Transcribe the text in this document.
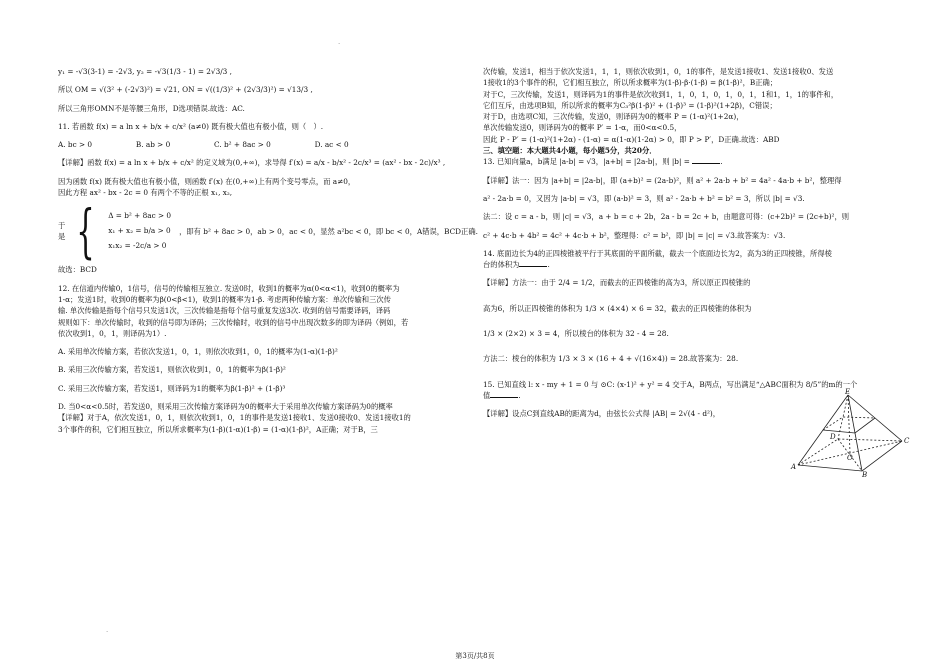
·

y₁ = -√3(3-1) = -2√3, y₂ = -√3(1/3 - 1) = 2√3/3 ,

所以 OM = √(3² + (-2√3)²) = √21, ON = √((1/3)² + (2√3/3)²) = √13/3 ,

所以三角形OMN不是等腰三角形，D选项错误.故选：AC.

11. 若函数 f(x) = a ln x + b/x + c/x² (a≠0) 既有极大值也有极小值，则（　）.

A. bc > 0　　　　　　B. ab > 0　　　　　　C. b² + 8ac > 0　　　　　　D. ac < 0

【详解】函数 f(x) = a ln x + b/x + c/x² 的定义域为(0,+∞)，求导得 f′(x) = a/x - b/x² - 2c/x³ = (ax² - bx - 2c)/x³ ,

因为函数 f(x) 既有极大值也有极小值，则函数 f′(x) 在(0,+∞)上有两个变号零点，而 a≠0，

因此方程 ax² - bx - 2c = 0 有两个不等的正根 x₁, x₂,

于是 { Δ = b² + 8ac > 0
x₁ + x₂ = b/a > 0
x₁x₂ = -2c/a > 0
，即有 b² + 8ac > 0，ab > 0，ac < 0，显然 a²bc < 0，即 bc < 0，A错误，BCD正确.

故选：BCD

12. 在信道内传输0，1信号，信号的传输相互独立. 发送0时，收到1的概率为α(0<α<1)，收到0的概率为

1-α；发送1时，收到0的概率为β(0<β<1)，收到1的概率为1-β. 考虑两种传输方案：单次传输和三次传

输. 单次传输是指每个信号只发送1次，三次传输是指每个信号重复发送3次. 收到的信号需要译码，译码

规则如下：单次传输时，收到的信号即为译码；三次传输时，收到的信号中出现次数多的即为译码（例如，若

依次收到1，0，1，则译码为1）.

A. 采用单次传输方案，若依次发送1，0，1，则依次收到1，0，1的概率为(1-α)(1-β)²

B. 采用三次传输方案，若发送1，则依次收到1，0，1的概率为β(1-β)²

C. 采用三次传输方案，若发送1，则译码为1的概率为β(1-β)² + (1-β)³

D. 当0<α<0.5时，若发送0，则采用三次传输方案译码为0的概率大于采用单次传输方案译码为0的概率

【详解】对于A，依次发送1，0，1，则依次收到1，0，1的事件是发送1接收1、发送0接收0、发送1接收1的

3个事件的积，它们相互独立，所以所求概率为(1-β)(1-α)(1-β) = (1-α)(1-β)²，A正确；对于B，三

次传输，发送1，相当于依次发送1，1，1，则依次收到1，0，1的事件，是发送1接收1、发送1接收0、发送

1接收1的3个事件的积，它们相互独立，所以所求概率为(1-β)·β·(1-β) = β(1-β)²，B正确；

对于C，三次传输，发送1，则译码为1的事件是依次收到1，1，0，1，0，1，0，1，1和1，1，1的事件和，

它们互斥，由选项B知，所以所求的概率为C₃²β(1-β)² + (1-β)³ = (1-β)²(1+2β)，C错误；

对于D，由选项C知，三次传输，发送0，则译码为0的概率 P = (1-α)²(1+2α)，

单次传输发送0，则译码为0的概率 P′ = 1-α，而0<α<0.5，

因此 P - P′ = (1-α)²(1+2α) - (1-α) = α(1-α)(1-2α) > 0，即 P > P′，D正确.故选：ABD

三、填空题：本大题共4小题，每小题5分，共20分．

13. 已知向量a，b满足 |a-b| = √3，|a+b| = |2a-b|，则 |b| =	.

【详解】法一：因为 |a+b| = |2a-b|，即 (a+b)² = (2a-b)²，则 a² + 2a·b + b² = 4a² - 4a·b + b²，整理得

a² - 2a·b = 0，又因为 |a-b| = √3，即 (a-b)² = 3，则 a² - 2a·b + b² = b² = 3，所以 |b| = √3.

法二：设 c = a - b，则 |c| = √3，a + b = c + 2b，2a - b = 2c + b，由题意可得：(c+2b)² = (2c+b)²，则

c² + 4c·b + 4b² = 4c² + 4c·b + b²，整理得：c² = b²，即 |b| = |c| = √3.故答案为：√3.

14. 底面边长为4的正四棱锥被平行于其底面的平面所截，截去一个底面边长为2，高为3的正四棱锥，所得棱

台的体积为	.

【详解】方法一：由于 2/4 = 1/2，而截去的正四棱锥的高为3，所以原正四棱锥的

高为6，所以正四棱锥的体积为 1/3 × (4×4) × 6 = 32，截去的正四棱锥的体积为

1/3 × (2×2) × 3 = 4，所以棱台的体积为 32 - 4 = 28.

方法二：棱台的体积为 1/3 × 3 × (16 + 4 + √(16×4)) = 28.故答案为：28.

15. 已知直线 l: x - my + 1 = 0 与 ⊙C: (x-1)² + y² = 4 交于A，B两点，写出满足“△ABC面积为 8/5”的m的一个

值	.

【详解】设点C到直线AB的距离为d，由弦长公式得 |AB| = 2√(4 - d²)，

E
D	C
A
B
O
·
第3页/共8页
